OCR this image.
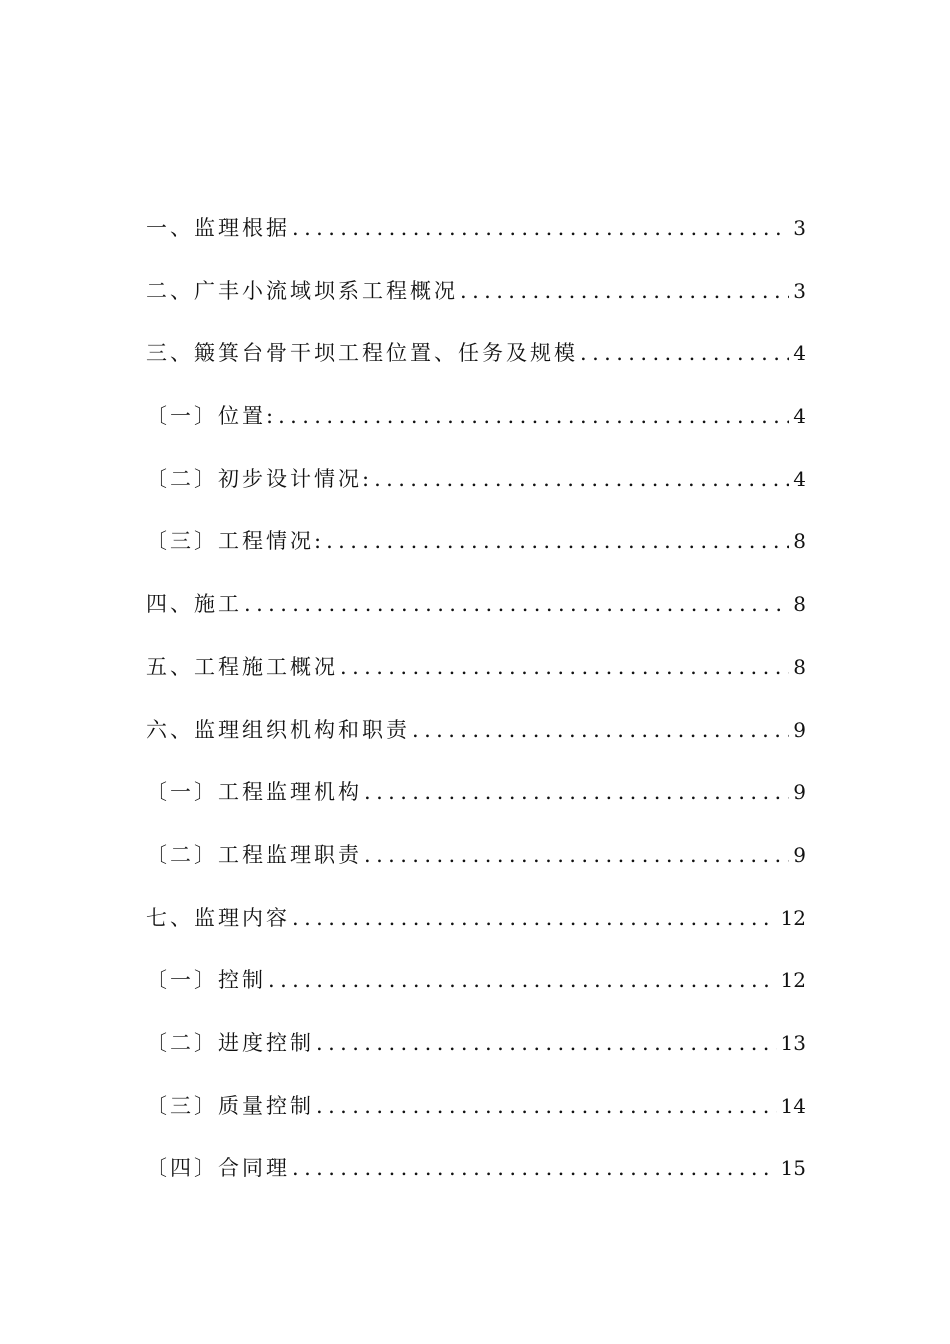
一、监理根据 .....	3
二、广丰小流域坝系工程概况 .....	3
三、簸箕台骨干坝工程位置、任务及规模 .....	4
〔一〕位置: .....	4
〔二〕初步设计情况: .....	4
〔三〕工程情况: .....	8
四、施工 .....	8
五、工程施工概况 .....	8
六、监理组织机构和职责 .....	9
〔一〕工程监理机构 .....	9
〔二〕工程监理职责 .....	9
七、监理内容 .....	12
〔一〕控制 .....	12
〔二〕进度控制 .....	13
〔三〕质量控制 .....	14
〔四〕合同理 .....	15
